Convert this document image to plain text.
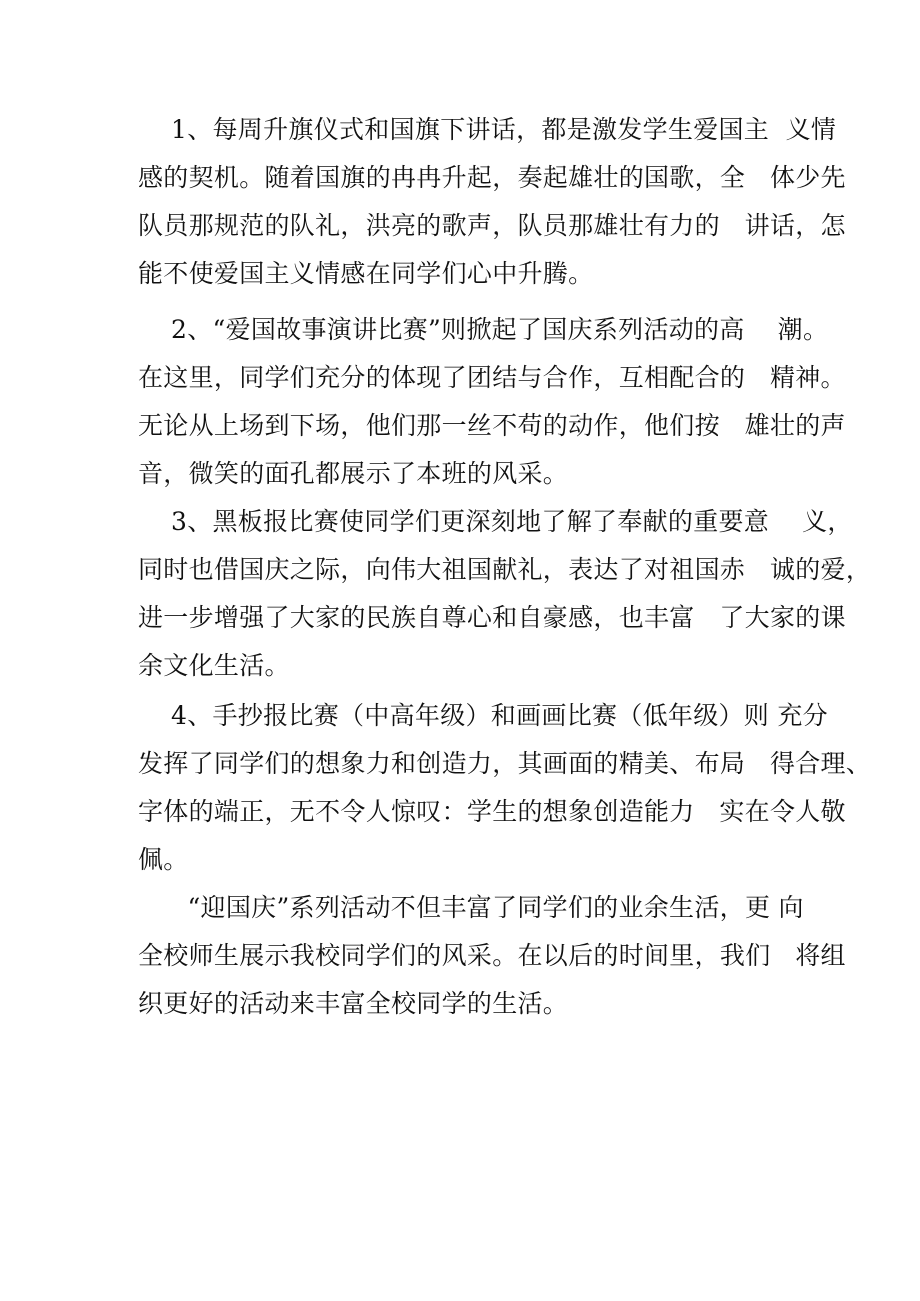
1、每周升旗仪式和国旗下讲话，都是激发学生爱国主  义情
感的契机。随着国旗的冉冉升起，奏起雄壮的国歌，全   体少先
队员那规范的队礼，洪亮的歌声，队员那雄壮有力的   讲话，怎
能不使爱国主义情感在同学们心中升腾。
2、“爱国故事演讲比赛”则掀起了国庆系列活动的高    潮。
在这里，同学们充分的体现了团结与合作，互相配合的   精神。
无论从上场到下场，他们那一丝不苟的动作，他们按   雄壮的声
音，微笑的面孔都展示了本班的风采。
3、黑板报比赛使同学们更深刻地了解了奉献的重要意    义，
同时也借国庆之际，向伟大祖国献礼，表达了对祖国赤   诚的爱，
进一步增强了大家的民族自尊心和自豪感，也丰富   了大家的课
余文化生活。
4、手抄报比赛（中高年级）和画画比赛（低年级）则 充分
发挥了同学们的想象力和创造力，其画面的精美、布局   得合理、
字体的端正，无不令人惊叹：学生的想象创造能力   实在令人敬
佩。
“迎国庆”系列活动不但丰富了同学们的业余生活，更 向
全校师生展示我校同学们的风采。在以后的时间里，我们   将组
织更好的活动来丰富全校同学的生活。
